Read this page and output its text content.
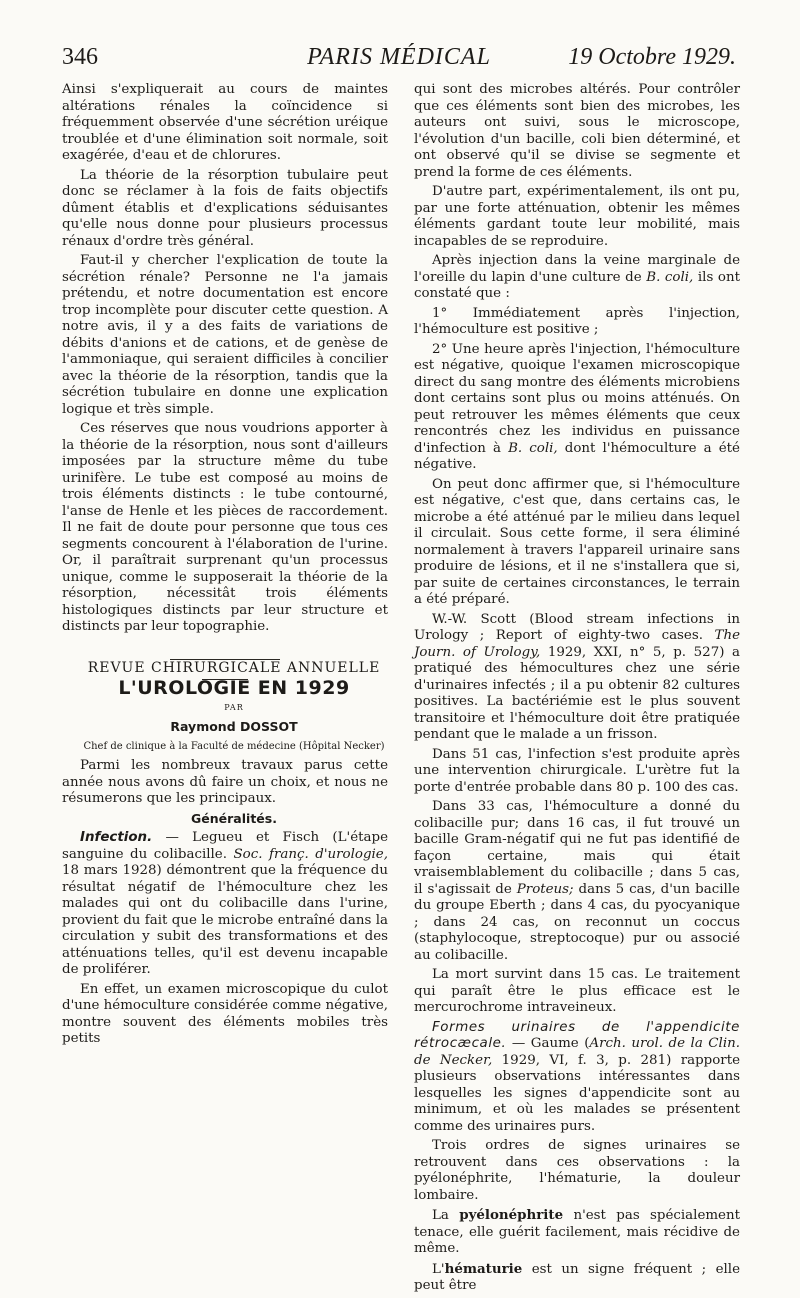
346	PARIS MÉDICAL	19 Octobre 1929.

Ainsi s'expliquerait au cours de maintes altérations rénales la coïncidence si fréquemment observée d'une sécrétion uréique troublée et d'une élimination soit normale, soit exagérée, d'eau et de chlorures.

La théorie de la résorption tubulaire peut donc se réclamer à la fois de faits objectifs dûment établis et d'explications séduisantes qu'elle nous donne pour plusieurs processus rénaux d'ordre très général.

Faut-il y chercher l'explication de toute la sécrétion rénale? Personne ne l'a jamais prétendu, et notre documentation est encore trop incomplète pour discuter cette question. A notre avis, il y a des faits de variations de débits d'anions et de cations, et de genèse de l'ammoniaque, qui seraient difficiles à concilier avec la théorie de la résorption, tandis que la sécrétion tubulaire en donne une explication logique et très simple.

Ces réserves que nous voudrions apporter à la théorie de la résorption, nous sont d'ailleurs imposées par la structure même du tube urinifère. Le tube est composé au moins de trois éléments distincts : le tube contourné, l'anse de Henle et les pièces de raccordement. Il ne fait de doute pour personne que tous ces segments concourent à l'élaboration de l'urine. Or, il paraîtrait surprenant qu'un processus unique, comme le supposerait la théorie de la résorption, nécessitât trois éléments histologiques distincts par leur structure et distincts par leur topographie.

REVUE CHIRURGICALE ANNUELLE

L'UROLOGIE EN 1929

PAR

Raymond DOSSOT

Chef de clinique à la Faculté de médecine (Hôpital Necker)

Parmi les nombreux travaux parus cette année nous avons dû faire un choix, et nous ne résumerons que les principaux.

Généralités.

Infection. — Legueu et Fisch (L'étape sanguine du colibacille. Soc. franç. d'urologie, 18 mars 1928) démontrent que la fréquence du résultat négatif de l'hémoculture chez les malades qui ont du colibacille dans l'urine, provient du fait que le microbe entraîné dans la circulation y subit des transformations et des atténuations telles, qu'il est devenu incapable de proliférer.

En effet, un examen microscopique du culot d'une hémoculture considérée comme négative, montre souvent des éléments mobiles très petits

qui sont des microbes altérés. Pour contrôler que ces éléments sont bien des microbes, les auteurs ont suivi, sous le microscope, l'évolution d'un bacille, coli bien déterminé, et ont observé qu'il se divise se segmente et prend la forme de ces éléments.

D'autre part, expérimentalement, ils ont pu, par une forte atténuation, obtenir les mêmes éléments gardant toute leur mobilité, mais incapables de se reproduire.

Après injection dans la veine marginale de l'oreille du lapin d'une culture de B. coli, ils ont constaté que :

1° Immédiatement après l'injection, l'hémoculture est positive ;

2° Une heure après l'injection, l'hémoculture est négative, quoique l'examen microscopique direct du sang montre des éléments microbiens dont certains sont plus ou moins atténués. On peut retrouver les mêmes éléments que ceux rencontrés chez les individus en puissance d'infection à B. coli, dont l'hémoculture a été négative.

On peut donc affirmer que, si l'hémoculture est négative, c'est que, dans certains cas, le microbe a été atténué par le milieu dans lequel il circulait. Sous cette forme, il sera éliminé normalement à travers l'appareil urinaire sans produire de lésions, et il ne s'installera que si, par suite de certaines circonstances, le terrain a été préparé.

W.-W. Scott (Blood stream infections in Urology ; Report of eighty-two cases. The Journ. of Urology, 1929, XXI, n° 5, p. 527) a pratiqué des hémocultures chez une série d'urinaires infectés ; il a pu obtenir 82 cultures positives. La bactériémie est le plus souvent transitoire et l'hémoculture doit être pratiquée pendant que le malade a un frisson.

Dans 51 cas, l'infection s'est produite après une intervention chirurgicale. L'urètre fut la porte d'entrée probable dans 80 p. 100 des cas.

Dans 33 cas, l'hémoculture a donné du colibacille pur; dans 16 cas, il fut trouvé un bacille Gram-négatif qui ne fut pas identifié de façon certaine, mais qui était vraisemblablement du colibacille ; dans 5 cas, il s'agissait de Proteus; dans 5 cas, d'un bacille du groupe Eberth ; dans 4 cas, du pyocyanique ; dans 24 cas, on reconnut un coccus (staphylocoque, streptocoque) pur ou associé au colibacille.

La mort survint dans 15 cas. Le traitement qui paraît être le plus efficace est le mercurochrome intraveineux.

Formes urinaires de l'appendicite rétrocæcale. — Gaume (Arch. urol. de la Clin. de Necker, 1929, VI, f. 3, p. 281) rapporte plusieurs observations intéressantes dans lesquelles les signes d'appendicite sont au minimum, et où les malades se présentent comme des urinaires purs.

Trois ordres de signes urinaires se retrouvent dans ces observations : la pyélonéphrite, l'hématurie, la douleur lombaire.

La pyélonéphrite n'est pas spécialement tenace, elle guérit facilement, mais récidive de même.

L'hématurie est un signe fréquent ; elle peut être
